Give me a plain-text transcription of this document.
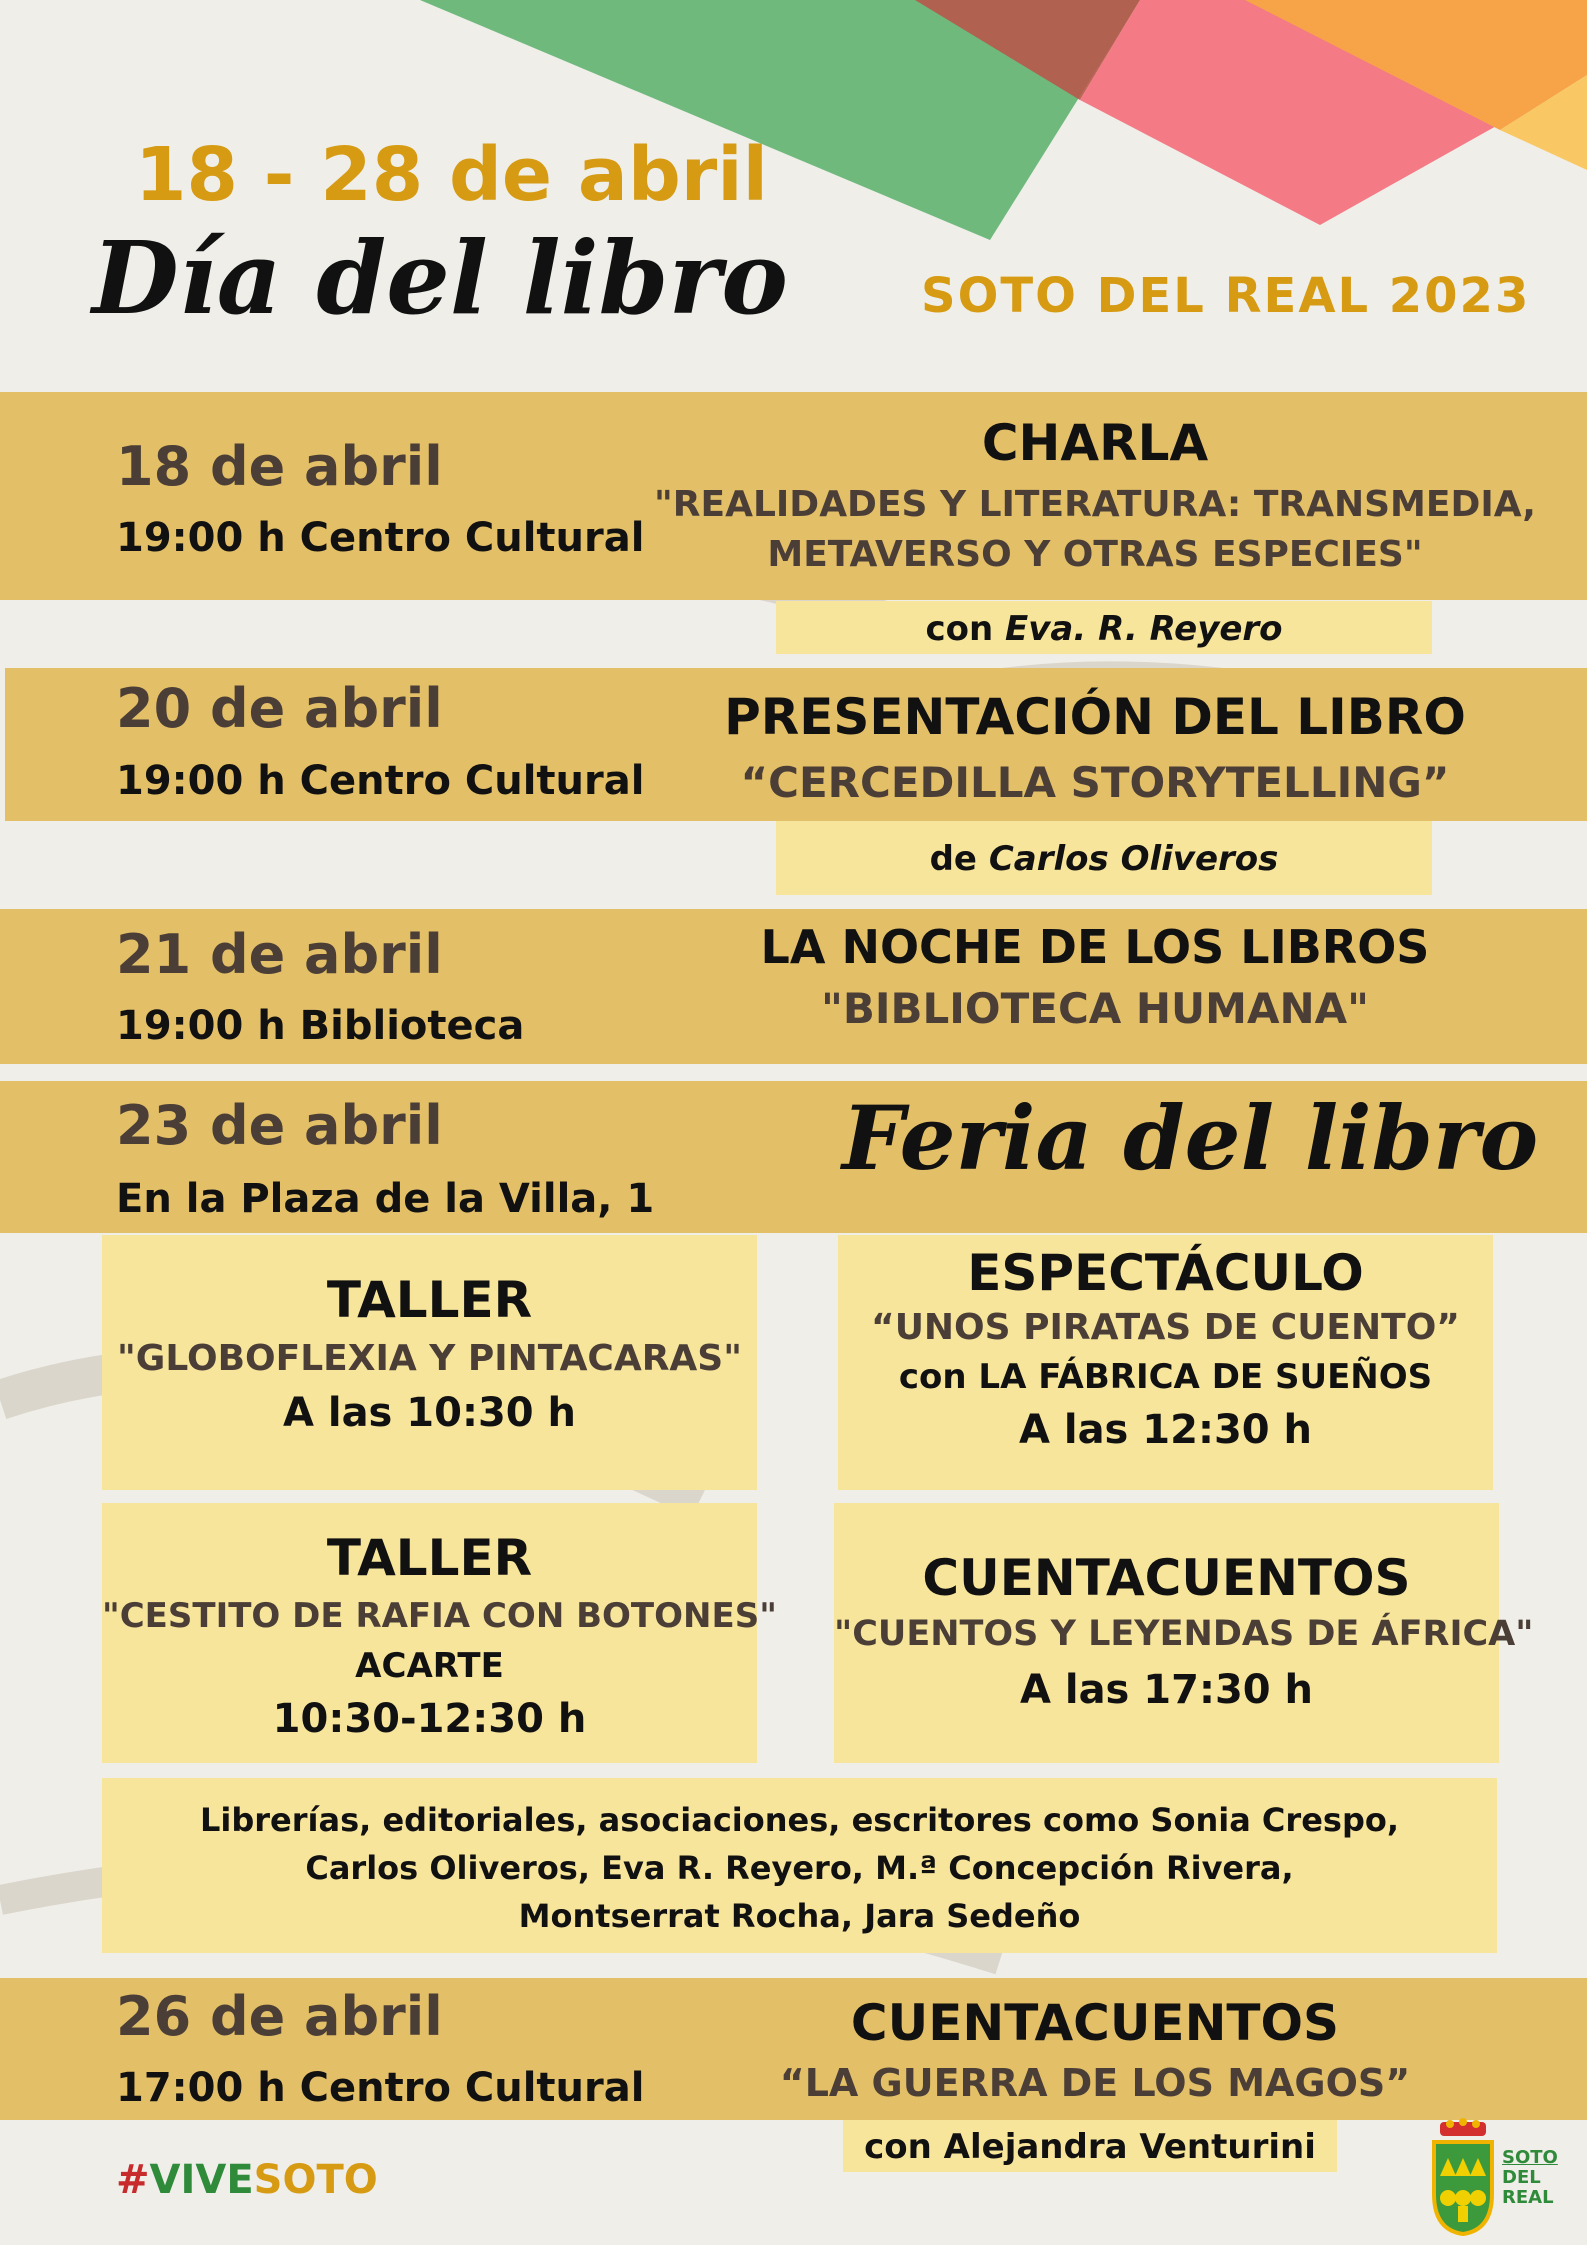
18 - 28 de abril
Día del libro	SOTO DEL REAL 2023
18 de abril
19:00 h Centro Cultural
CHARLA
"REALIDADES Y LITERATURA: TRANSMEDIA,
METAVERSO Y OTRAS ESPECIES"
con Eva. R. Reyero
20 de abril
19:00 h Centro Cultural
PRESENTACIÓN DEL LIBRO
“CERCEDILLA STORYTELLING”
de Carlos Oliveros
21 de abril
19:00 h Biblioteca
LA NOCHE DE LOS LIBROS
"BIBLIOTECA HUMANA"
23 de abril
En la Plaza de la Villa, 1
Feria del libro
TALLER
"GLOBOFLEXIA Y PINTACARAS"
A las 10:30 h
ESPECTÁCULO
“UNOS PIRATAS DE CUENTO”
con LA FÁBRICA DE SUEÑOS
A las 12:30 h
TALLER
"CESTITO DE RAFIA CON BOTONES"
ACARTE
10:30-12:30 h
CUENTACUENTOS
"CUENTOS Y LEYENDAS DE ÁFRICA"
A las 17:30 h
Librerías, editoriales, asociaciones, escritores como Sonia Crespo,
Carlos Oliveros, Eva R. Reyero, M.ª Concepción Rivera,
Montserrat Rocha, Jara Sedeño
26 de abril
17:00 h Centro Cultural
CUENTACUENTOS
“LA GUERRA DE LOS MAGOS”
con Alejandra Venturini
#VIVESOTO	SOTO
DEL
REAL
